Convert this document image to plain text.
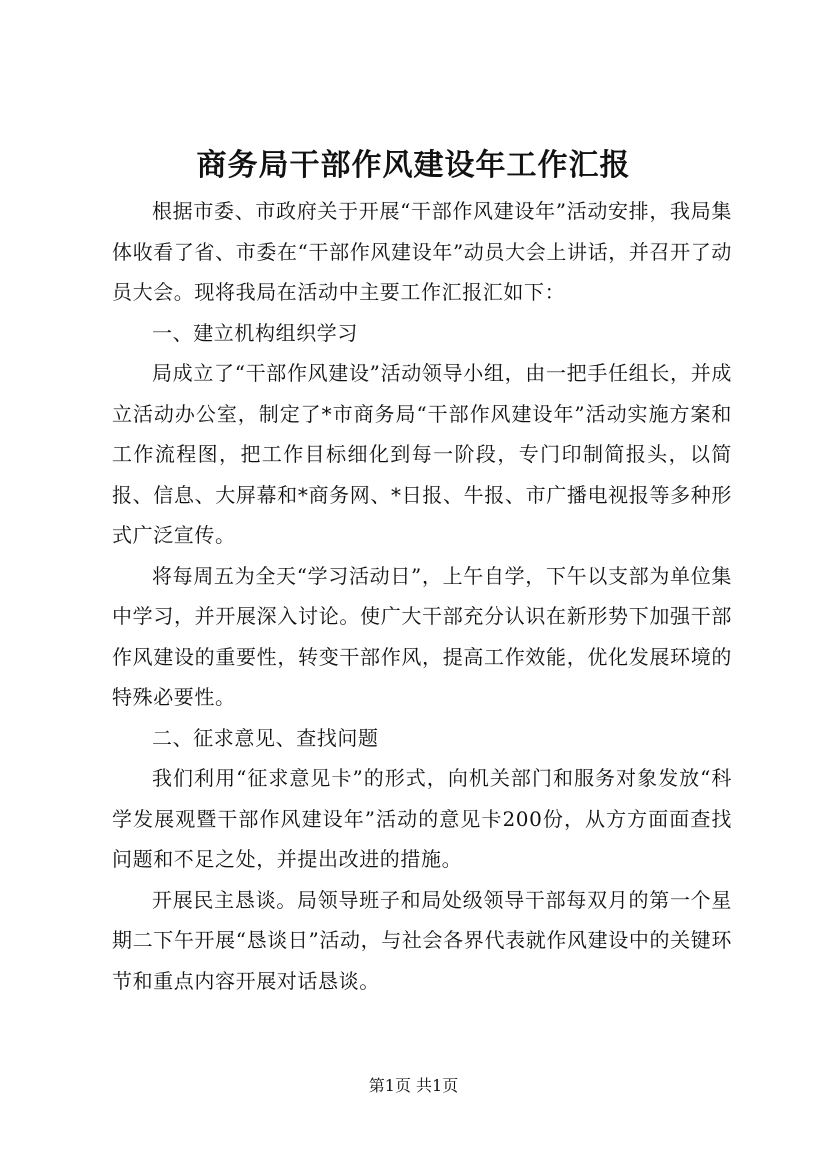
商务局干部作风建设年工作汇报

根据市委、市政府关于开展“干部作风建设年”活动安排，我局集体收看了省、市委在“干部作风建设年”动员大会上讲话，并召开了动员大会。现将我局在活动中主要工作汇报汇如下：

一、建立机构组织学习

局成立了“干部作风建设”活动领导小组，由一把手任组长，并成立活动办公室，制定了*市商务局“干部作风建设年”活动实施方案和工作流程图，把工作目标细化到每一阶段，专门印制简报头，以简报、信息、大屏幕和*商务网、*日报、牛报、市广播电视报等多种形式广泛宣传。

将每周五为全天“学习活动日”，上午自学，下午以支部为单位集中学习，并开展深入讨论。使广大干部充分认识在新形势下加强干部作风建设的重要性，转变干部作风，提高工作效能，优化发展环境的特殊必要性。

二、征求意见、查找问题

我们利用“征求意见卡”的形式，向机关部门和服务对象发放“科学发展观暨干部作风建设年”活动的意见卡200份，从方方面面查找问题和不足之处，并提出改进的措施。

开展民主恳谈。局领导班子和局处级领导干部每双月的第一个星期二下午开展“恳谈日”活动，与社会各界代表就作风建设中的关键环节和重点内容开展对话恳谈。

第1页 共1页
